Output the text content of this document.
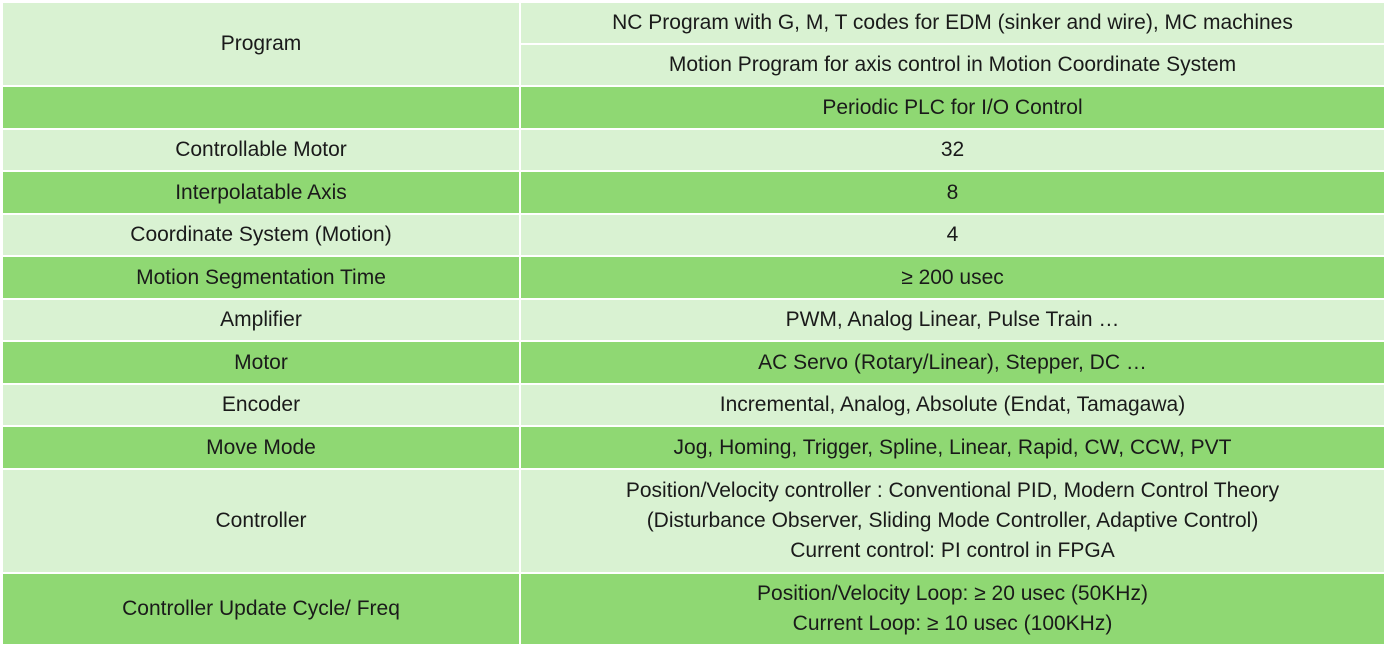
Program	NC Program with G, M, T codes for EDM (sinker and wire), MC machines
	Motion Program for axis control in Motion Coordinate System
	Periodic PLC for I/O Control
Controllable Motor	32
Interpolatable Axis	8
Coordinate System (Motion)	4
Motion Segmentation Time	≥ 200 usec
Amplifier	PWM, Analog Linear, Pulse Train …
Motor	AC Servo (Rotary/Linear), Stepper, DC …
Encoder	Incremental, Analog, Absolute (Endat, Tamagawa)
Move Mode	Jog, Homing, Trigger, Spline, Linear, Rapid, CW, CCW, PVT
Controller	Position/Velocity controller : Conventional PID, Modern Control Theory
(Disturbance Observer, Sliding Mode Controller, Adaptive Control)
Current control: PI control in FPGA

Controller Update Cycle/ Freq	Position/Velocity Loop: ≥ 20 usec (50KHz)
Current Loop: ≥ 10 usec (100KHz)
